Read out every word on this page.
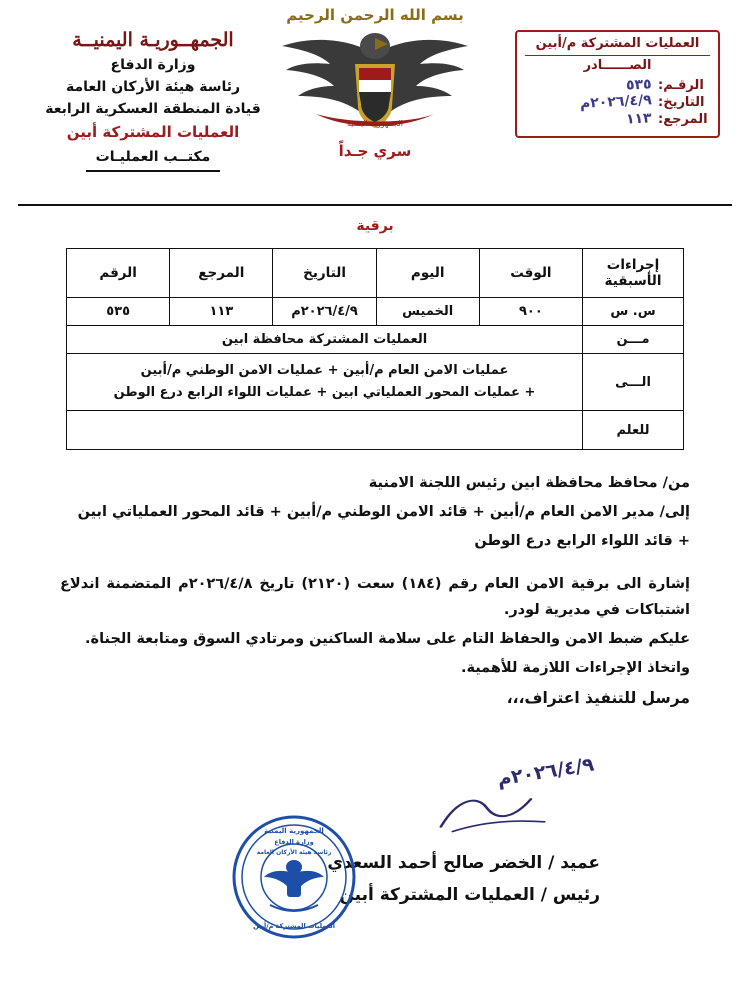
العمليات المشتركة م/أبين
الصــــــادر
الرقـم:
٥٣٥
التاريخ:
٢٠٢٦/٤/٩م
المرجع:
١١٣
بسم الله الرحمن الرحيم
الجمهورية اليمنية
سري جـداً
الجمهــوريـة اليمنيــة
وزارة الدفاع
رئاسة هيئة الأركان العامة
قيادة المنطقة العسكرية الرابعة
العمليات المشتركة أبين
مكتــب العمليـات
برقية
إجراءات الأسبقية	الوقت	اليوم	التاريخ	المرجع	الرقم
س. س	٩٠٠	الخميس	٢٠٢٦/٤/٩م	١١٣	٥٣٥
مـــن	العمليات المشتركة محافظة ابين				
الـــى	عمليات الامن العام م/أبين + عمليات الامن الوطني م/أبين
+ عمليات المحور العملياتي ابين + عمليات اللواء الرابع درع الوطن				

للعلم					

من/ محافظ محافظة ابين رئيس اللجنة الامنية

إلى/ مدير الامن العام م/أبين + قائد الامن الوطني م/أبين + قائد المحور العملياتي ابين

+ قائد اللواء الرابع درع الوطن

إشارة الى برقية الامن العام رقم (١٨٤) سعت (٢١٢٠) تاريخ ٢٠٢٦/٤/٨م المتضمنة اندلاع اشتباكات في مديرية لودر.

عليكم ضبط الامن والحفاظ التام على سلامة الساكنين ومرتادي السوق ومتابعة الجناة.

واتخاذ الإجراءات اللازمة للأهمية.

مرسل للتنفيذ اعتراف،،،

٢٠٢٦/٤/٩م
عميد / الخضر صالح أحمد السعدي
رئيس / العمليات المشتركة أبين
الجمهورية اليمنية
وزارة الدفاع
رئاسة هيئة الأركان العامة
العمليات المشتركة م/أبين
